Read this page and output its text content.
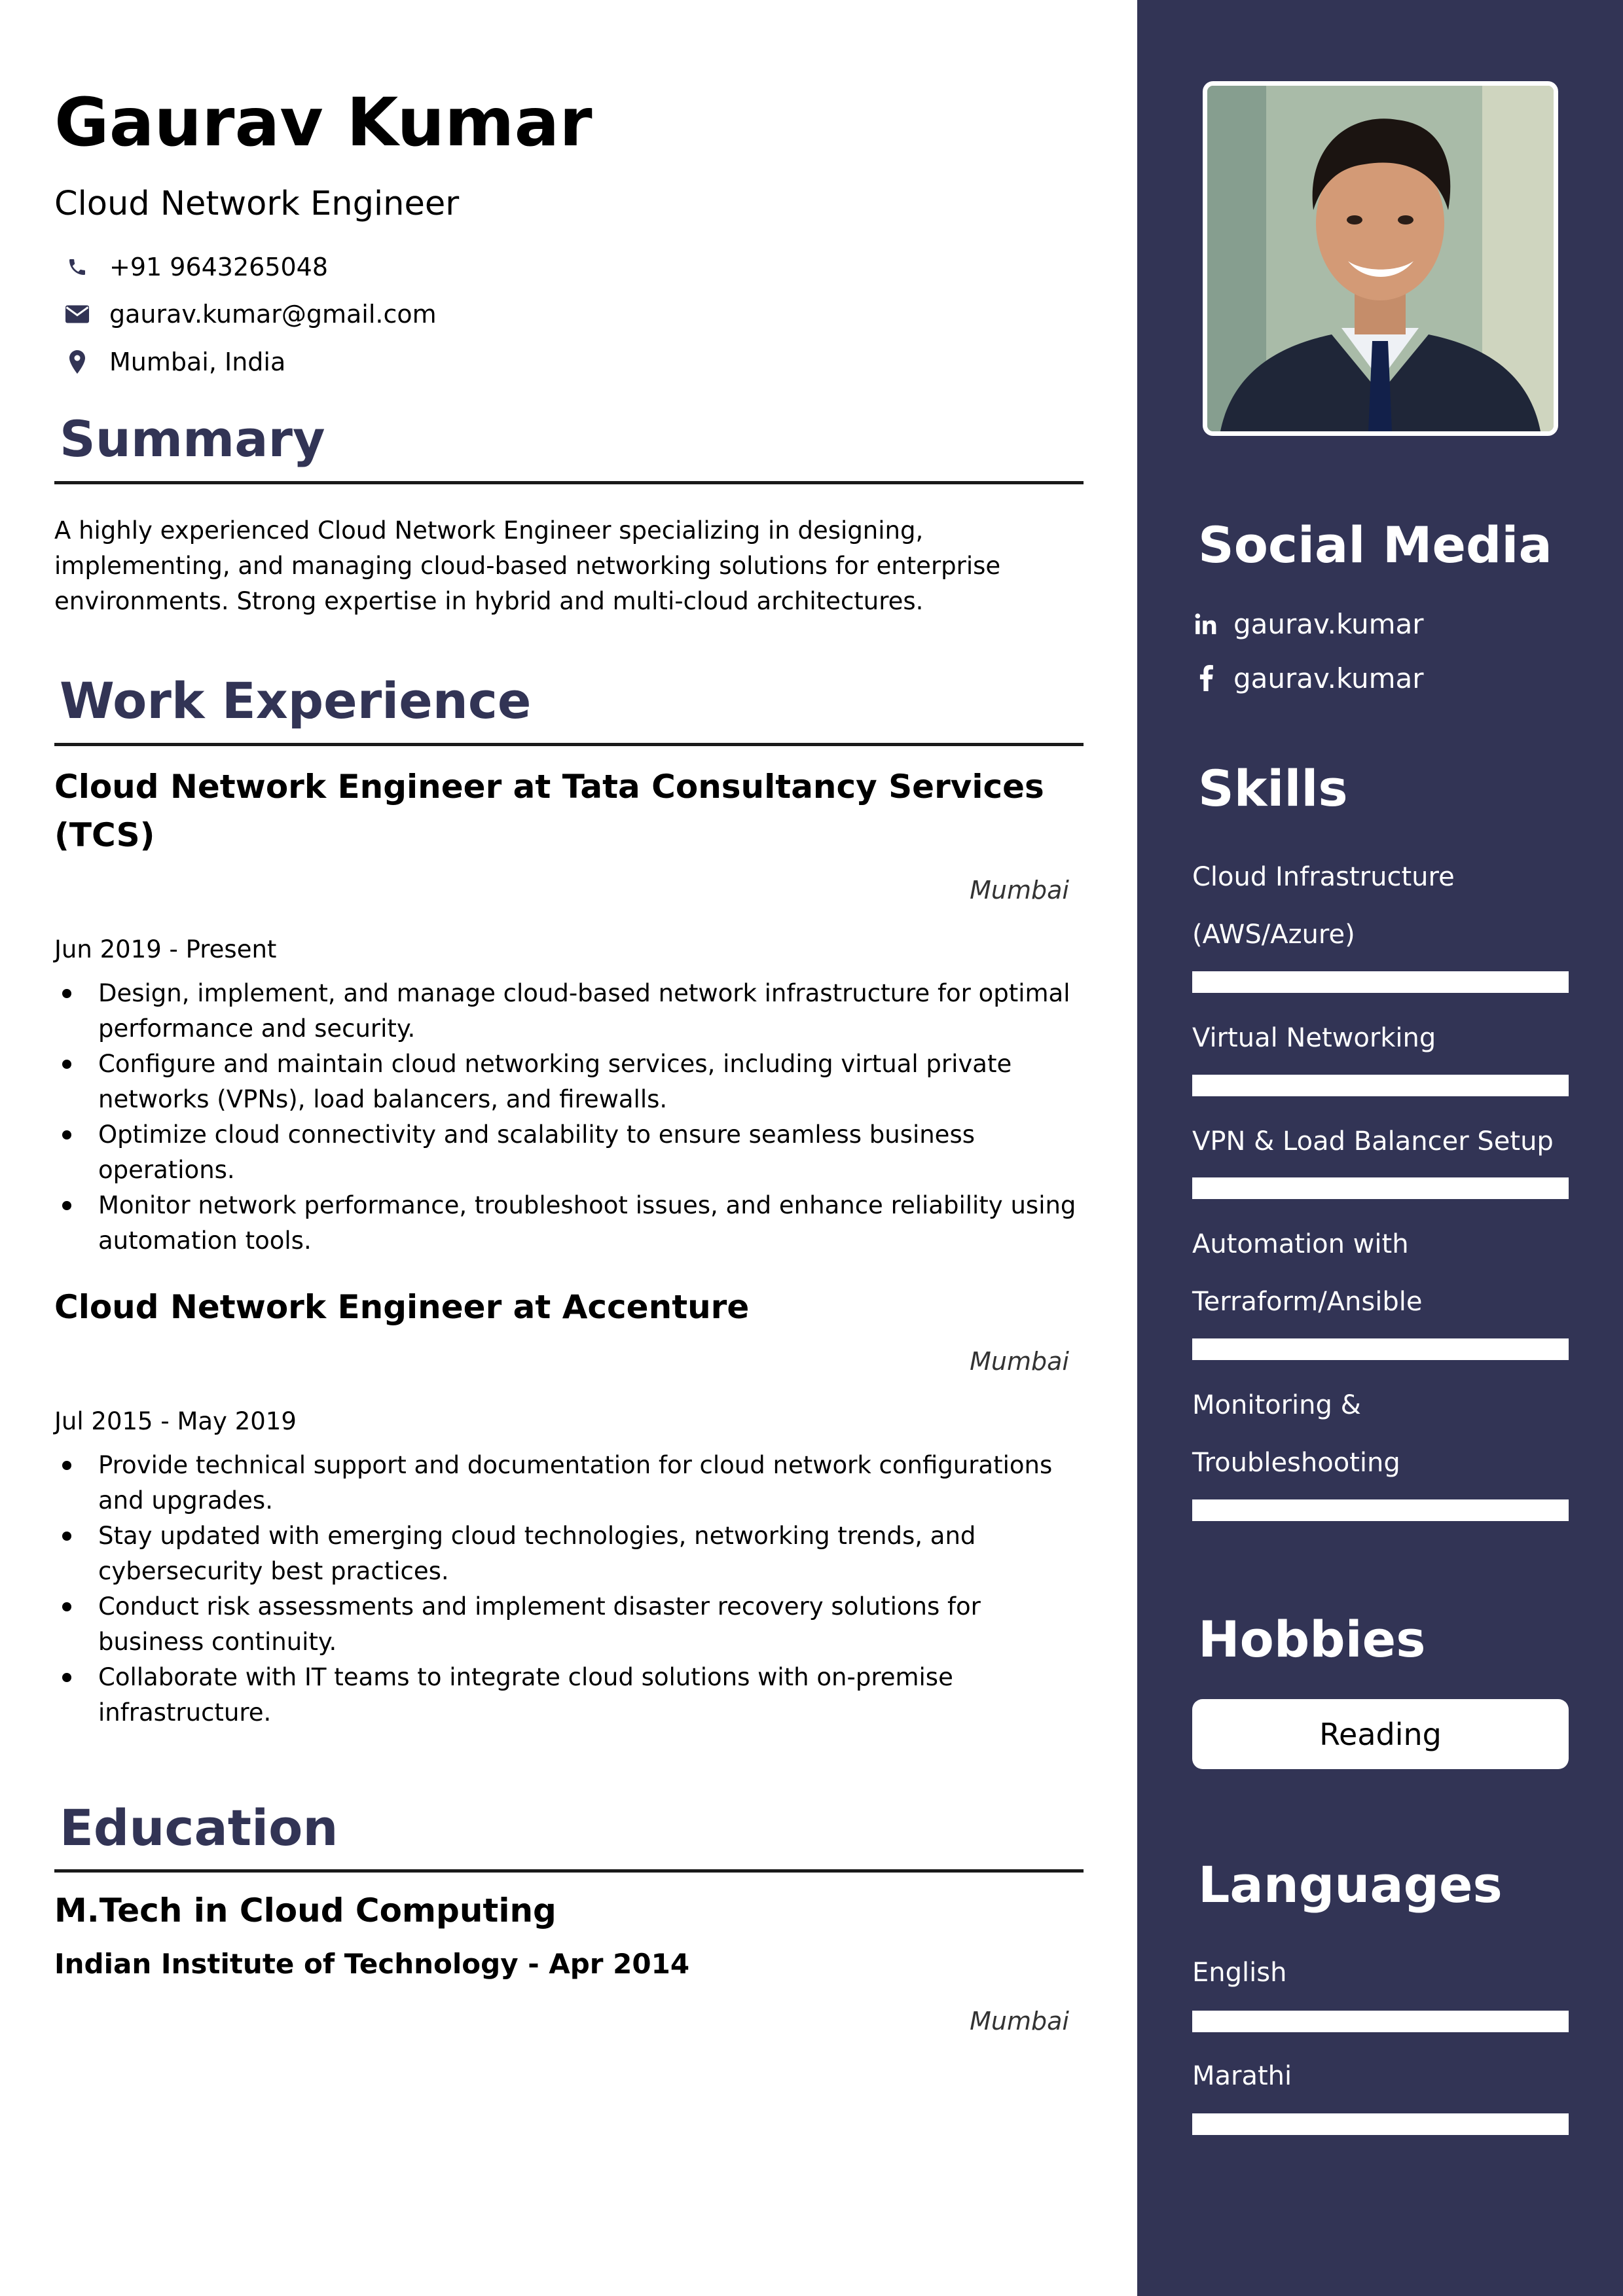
Gaurav Kumar
Cloud Network Engineer
+91 9643265048
gaurav.kumar@gmail.com
Mumbai, India
Summary
A highly experienced Cloud Network Engineer specializing in designing, implementing, and managing cloud-based networking solutions for enterprise environments. Strong expertise in hybrid and multi-cloud architectures.
Work Experience
Cloud Network Engineer at Tata Consultancy Services (TCS)
Mumbai
Jun 2019 - Present
Design, implement, and manage cloud-based network infrastructure for optimal performance and security.
Configure and maintain cloud networking services, including virtual private networks (VPNs), load balancers, and firewalls.
Optimize cloud connectivity and scalability to ensure seamless business operations.
Monitor network performance, troubleshoot issues, and enhance reliability using automation tools.
Cloud Network Engineer at Accenture
Mumbai
Jul 2015 - May 2019
Provide technical support and documentation for cloud network configurations and upgrades.
Stay updated with emerging cloud technologies, networking trends, and cybersecurity best practices.
Conduct risk assessments and implement disaster recovery solutions for business continuity.
Collaborate with IT teams to integrate cloud solutions with on-premise infrastructure.
Education
M.Tech in Cloud Computing
Indian Institute of Technology - Apr 2014
Mumbai
Social Media
gaurav.kumar
gaurav.kumar
Skills
Cloud Infrastructure (AWS/Azure)
Virtual Networking
VPN & Load Balancer Setup
Automation with Terraform/Ansible
Monitoring & Troubleshooting
Hobbies
Reading
Languages
English
Marathi
